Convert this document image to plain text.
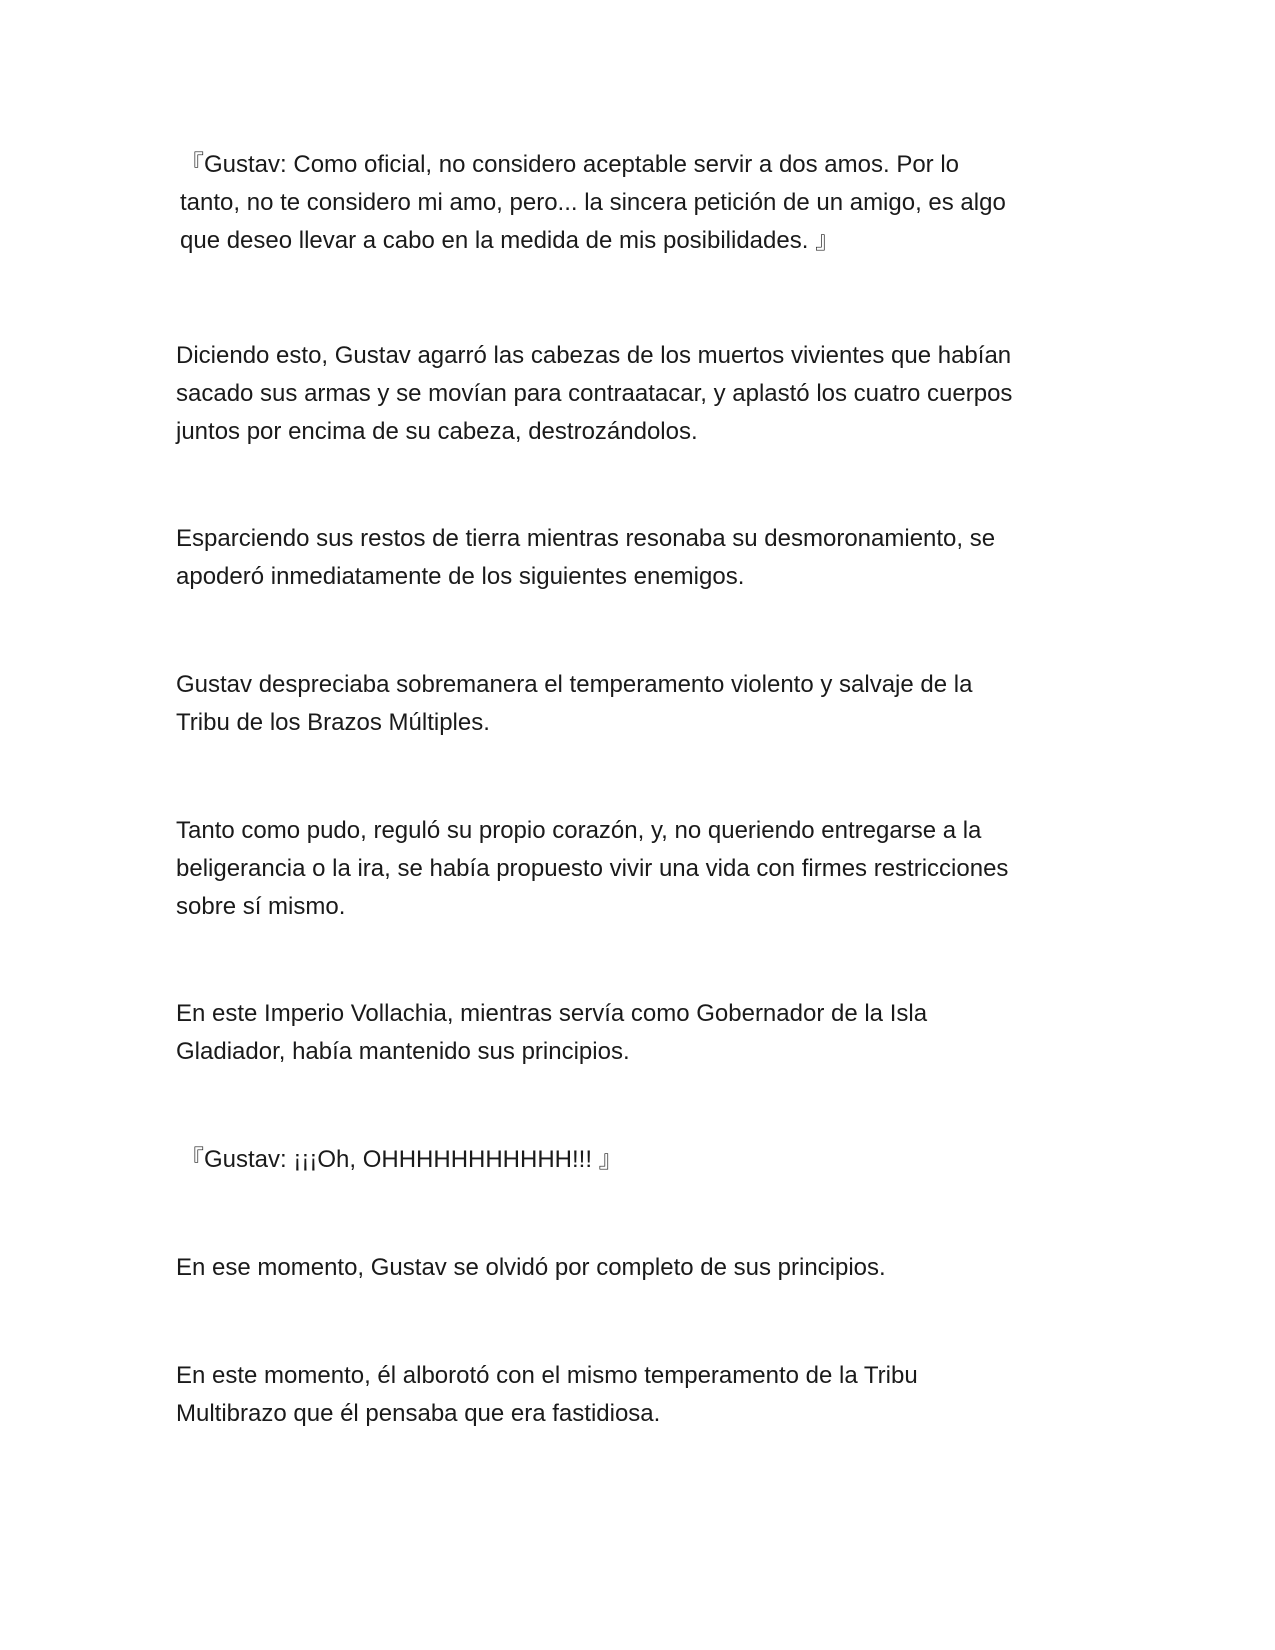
『Gustav: Como oficial, no considero aceptable servir a dos amos. Por lo
tanto, no te considero mi amo, pero... la sincera petición de un amigo, es algo
que deseo llevar a cabo en la medida de mis posibilidades. 』

Diciendo esto, Gustav agarró las cabezas de los muertos vivientes que habían
sacado sus armas y se movían para contraatacar, y aplastó los cuatro cuerpos
juntos por encima de su cabeza, destrozándolos.

Esparciendo sus restos de tierra mientras resonaba su desmoronamiento, se
apoderó inmediatamente de los siguientes enemigos.

Gustav despreciaba sobremanera el temperamento violento y salvaje de la
Tribu de los Brazos Múltiples.

Tanto como pudo, reguló su propio corazón, y, no queriendo entregarse a la
beligerancia o la ira, se había propuesto vivir una vida con firmes restricciones
sobre sí mismo.

En este Imperio Vollachia, mientras servía como Gobernador de la Isla
Gladiador, había mantenido sus principios.

『Gustav: ¡¡¡Oh, OHHHHHHHHHHH!!! 』

En ese momento, Gustav se olvidó por completo de sus principios.

En este momento, él alborotó con el mismo temperamento de la Tribu
Multibrazo que él pensaba que era fastidiosa.
